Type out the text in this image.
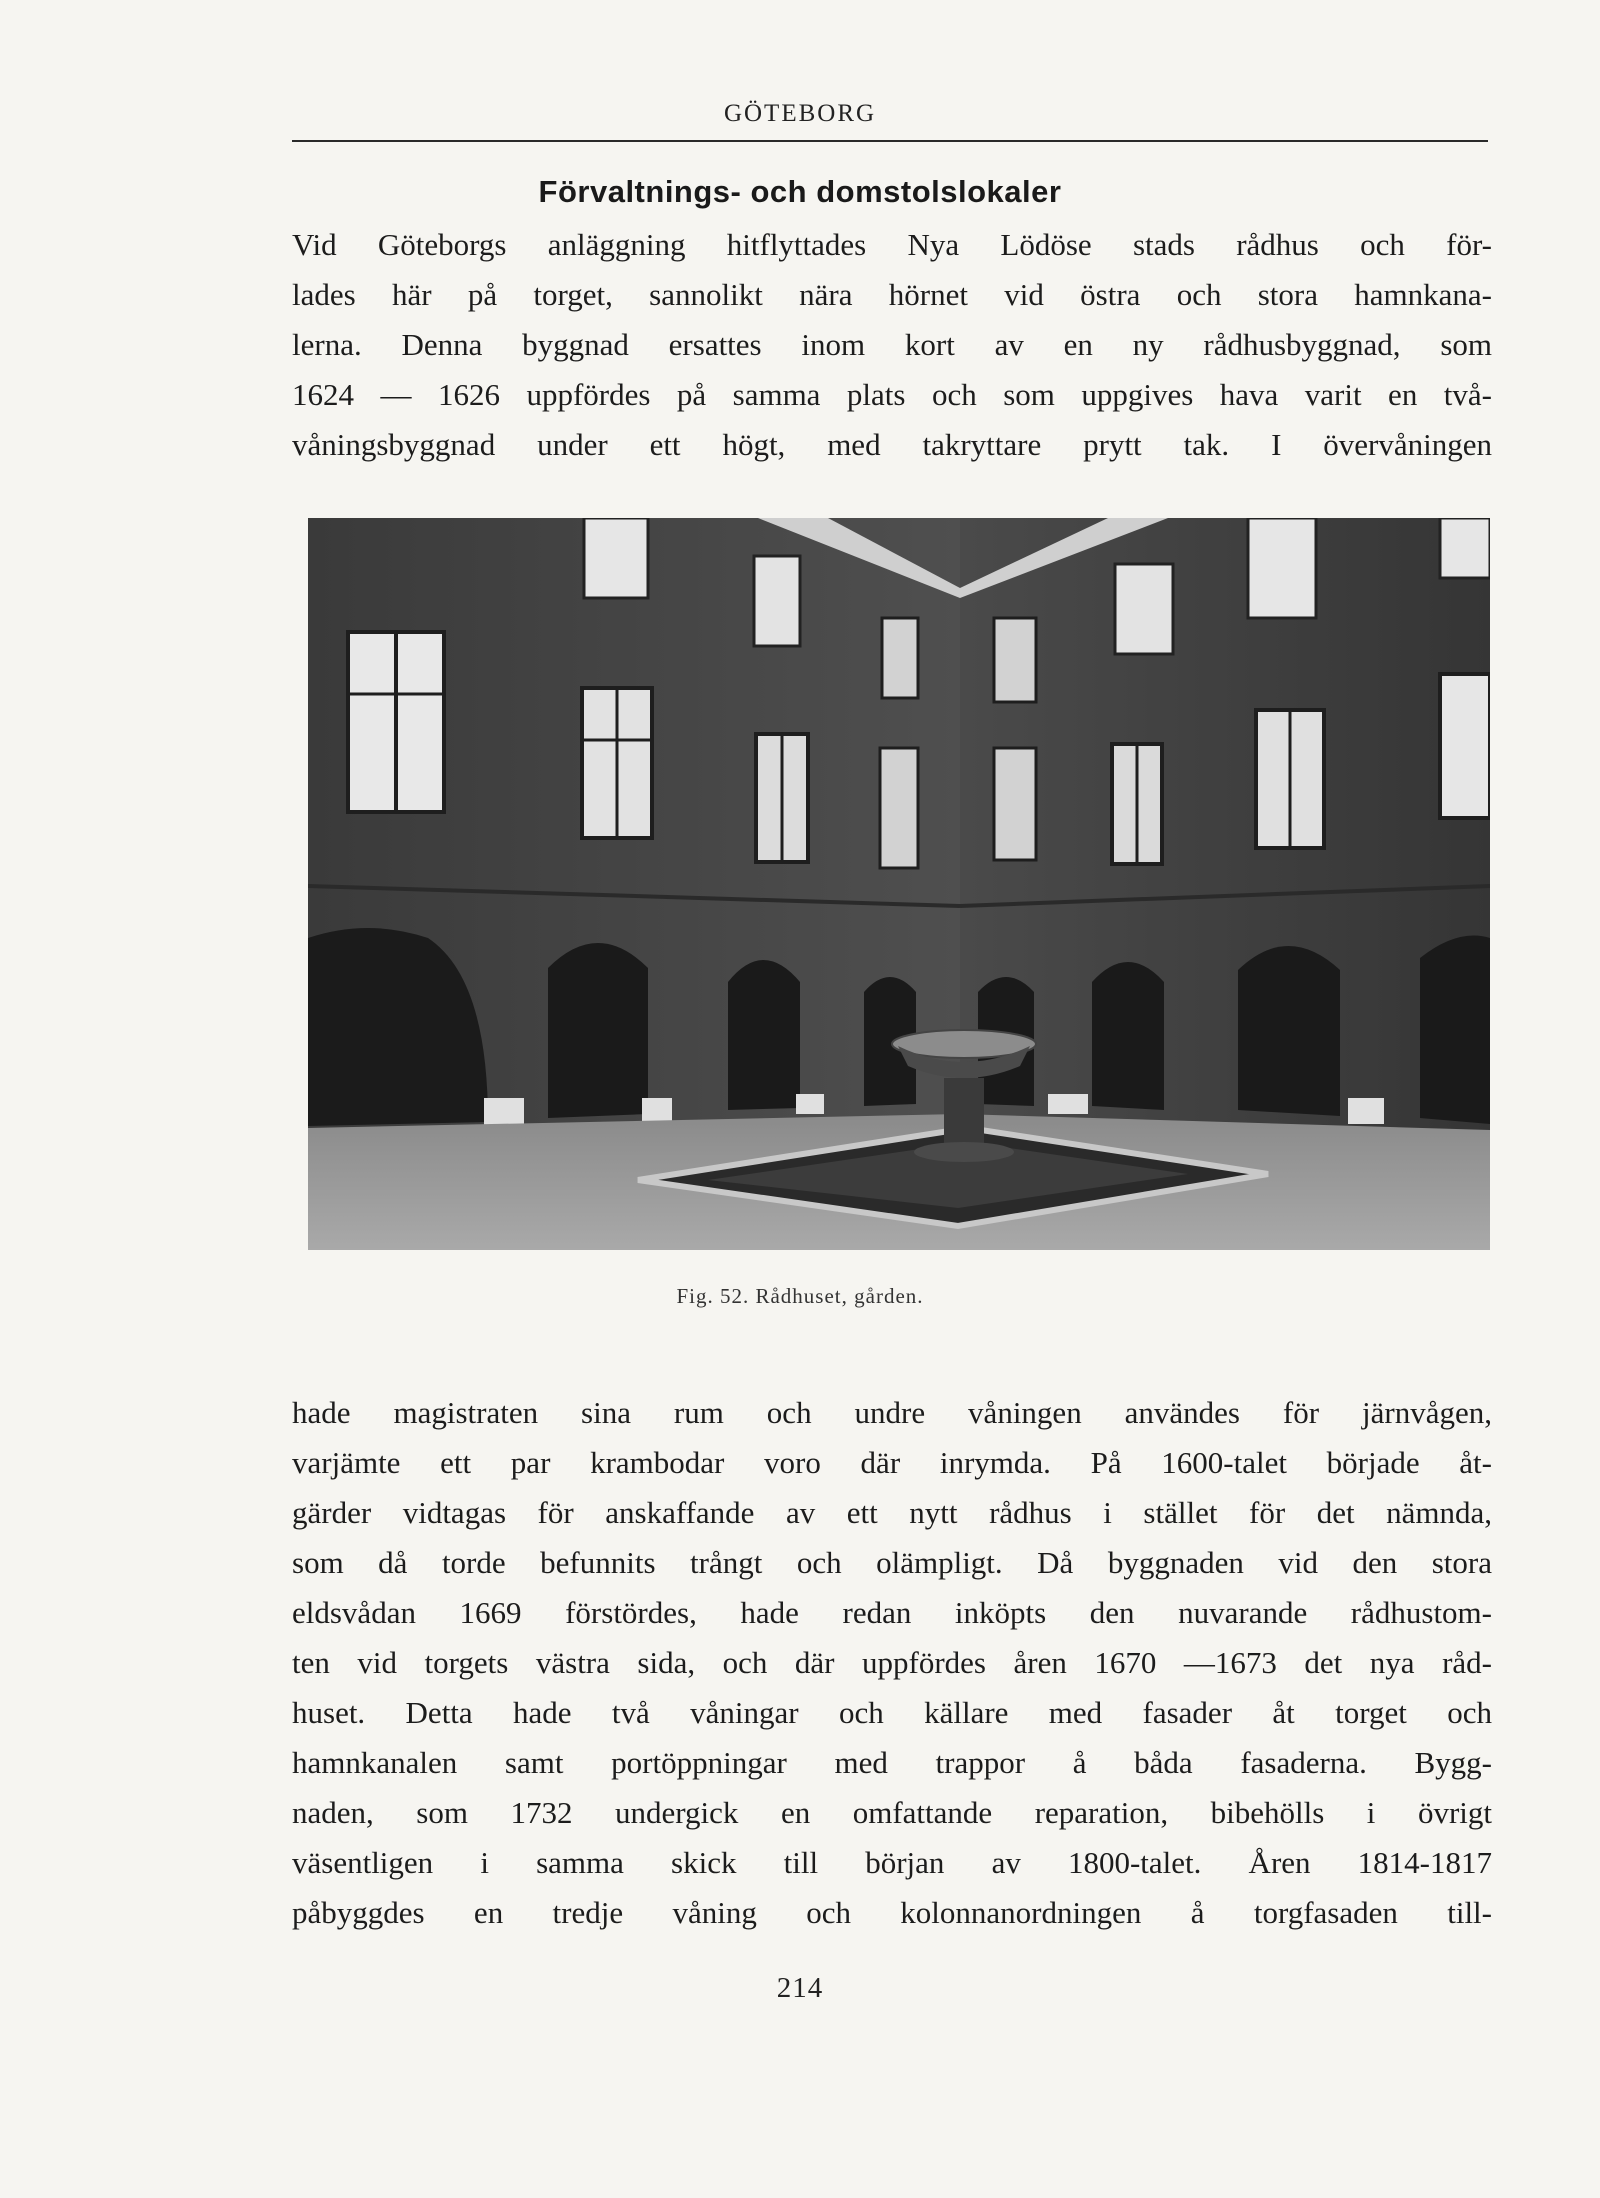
GÖTEBORG
Förvaltnings- och domstolslokaler
Vid Göteborgs anläggning hitflyttades Nya Lödöse stads rådhus och för-
lades här på torget, sannolikt nära hörnet vid östra och stora hamnkana-
lerna. Denna byggnad ersattes inom kort av en ny rådhusbyggnad, som
1624 — 1626 uppfördes på samma plats och som uppgives hava varit en två-
våningsbyggnad under ett högt, med takryttare prytt tak. I övervåningen
Fig. 52. Rådhuset, gården.
hade magistraten sina rum och undre våningen användes för järnvågen,
varjämte ett par krambodar voro där inrymda. På 1600-talet började åt-
gärder vidtagas för anskaffande av ett nytt rådhus i stället för det nämnda,
som då torde befunnits trångt och olämpligt. Då byggnaden vid den stora
eldsvådan 1669 förstördes, hade redan inköpts den nuvarande rådhustom-
ten vid torgets västra sida, och där uppfördes åren 1670 —1673 det nya råd-
huset. Detta hade två våningar och källare med fasader åt torget och
hamnkanalen samt portöppningar med trappor å båda fasaderna. Bygg-
naden, som 1732 undergick en omfattande reparation, bibehölls i övrigt
väsentligen i samma skick till början av 1800-talet. Åren 1814-1817
påbyggdes en tredje våning och kolonnanordningen å torgfasaden till-
214
